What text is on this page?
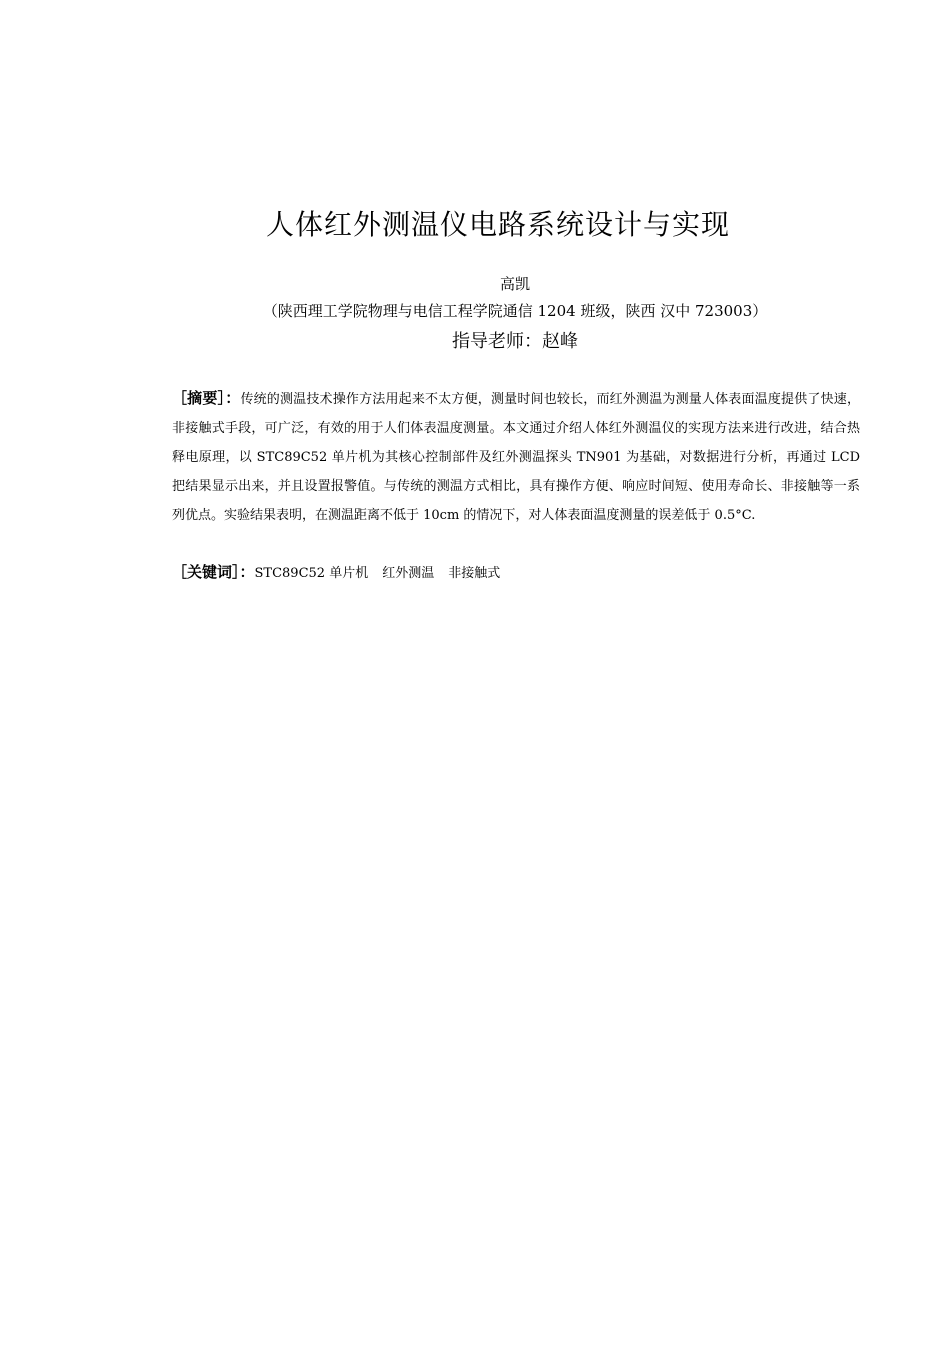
人体红外测温仪电路系统设计与实现
高凯
（陕西理工学院物理与电信工程学院通信 1204 班级，陕西 汉中 723003）
指导老师：赵峰

［摘要］：传统的测温技术操作方法用起来不太方便，测量时间也较长，而红外测温为测量人体表面温度提供了快速，非接触式手段，可广泛，有效的用于人们体表温度测量。本文通过介绍人体红外测温仪的实现方法来进行改进，结合热释电原理，以 STC89C52 单片机为其核心控制部件及红外测温探头 TN901 为基础，对数据进行分析，再通过 LCD 把结果显示出来，并且设置报警值。与传统的测温方式相比，具有操作方便、响应时间短、使用寿命长、非接触等一系列优点。实验结果表明，在测温距离不低于 10cm 的情况下，对人体表面温度测量的误差低于 0.5°C.

［关键词］：STC89C52 单片机 红外测温 非接触式
